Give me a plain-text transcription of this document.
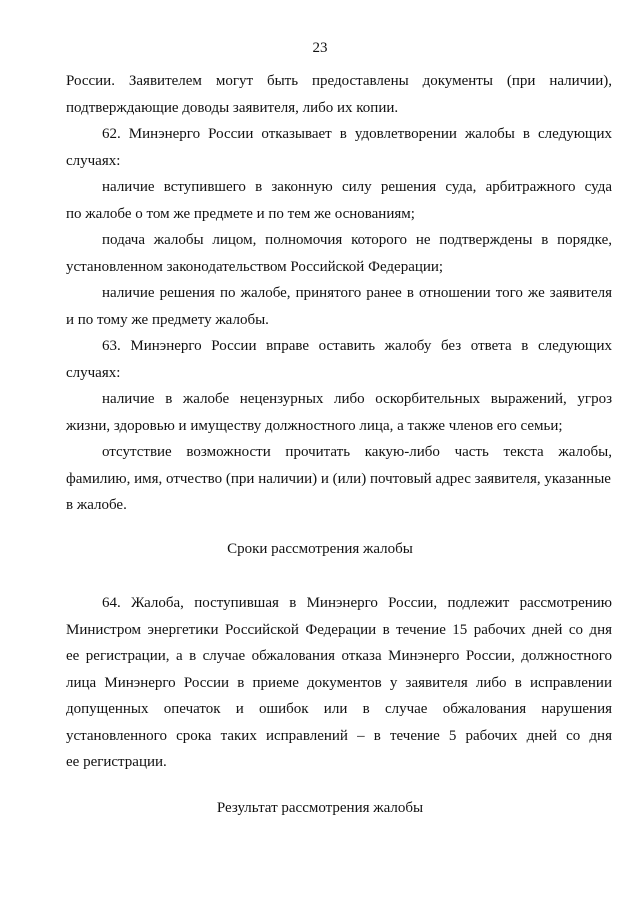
23
России. Заявителем могут быть предоставлены документы (при наличии),
подтверждающие доводы заявителя, либо их копии.
62. Минэнерго России отказывает в удовлетворении жалобы в следующих
случаях:
наличие вступившего в законную силу решения суда, арбитражного суда
по жалобе о том же предмете и по тем же основаниям;
подача жалобы лицом, полномочия которого не подтверждены в порядке,
установленном законодательством Российской Федерации;
наличие решения по жалобе, принятого ранее в отношении того же заявителя
и по тому же предмету жалобы.
63. Минэнерго России вправе оставить жалобу без ответа в следующих
случаях:
наличие в жалобе нецензурных либо оскорбительных выражений, угроз
жизни, здоровью и имуществу должностного лица, а также членов его семьи;
отсутствие возможности прочитать какую-либо часть текста жалобы,
фамилию, имя, отчество (при наличии) и (или) почтовый адрес заявителя, указанные
в жалобе.
Сроки рассмотрения жалобы
64. Жалоба, поступившая в Минэнерго России, подлежит рассмотрению
Министром энергетики Российской Федерации в течение 15 рабочих дней со дня
ее регистрации, а в случае обжалования отказа Минэнерго России, должностного
лица Минэнерго России в приеме документов у заявителя либо в исправлении
допущенных опечаток и ошибок или в случае обжалования нарушения
установленного срока таких исправлений – в течение 5 рабочих дней со дня
ее регистрации.
Результат рассмотрения жалобы
